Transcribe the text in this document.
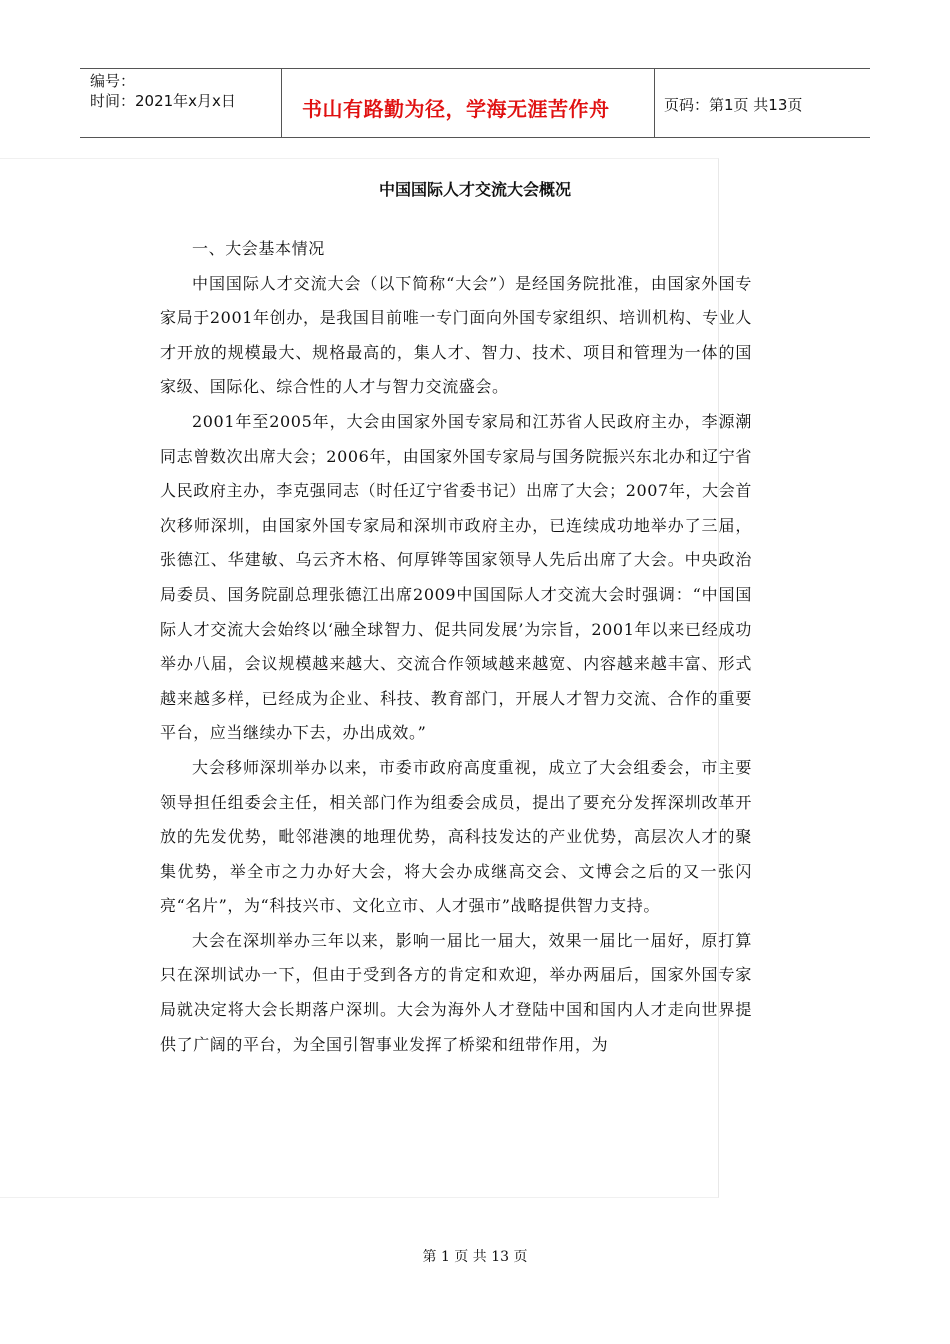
编号：
时间：2021年x月x日	书山有路勤为径，学海无涯苦作舟	页码：第1页 共13页
中国国际人才交流大会概况

一、大会基本情况

中国国际人才交流大会（以下简称“大会”）是经国务院批准，由国家外国专家局于2001年创办，是我国目前唯一专门面向外国专家组织、培训机构、专业人才开放的规模最大、规格最高的，集人才、智力、技术、项目和管理为一体的国家级、国际化、综合性的人才与智力交流盛会。

2001年至2005年，大会由国家外国专家局和江苏省人民政府主办，李源潮同志曾数次出席大会；2006年，由国家外国专家局与国务院振兴东北办和辽宁省人民政府主办，李克强同志（时任辽宁省委书记）出席了大会；2007年，大会首次移师深圳，由国家外国专家局和深圳市政府主办，已连续成功地举办了三届，张德江、华建敏、乌云齐木格、何厚铧等国家领导人先后出席了大会。中央政治局委员、国务院副总理张德江出席2009中国国际人才交流大会时强调：“中国国际人才交流大会始终以‘融全球智力、促共同发展’为宗旨，2001年以来已经成功举办八届，会议规模越来越大、交流合作领域越来越宽、内容越来越丰富、形式越来越多样，已经成为企业、科技、教育部门，开展人才智力交流、合作的重要平台，应当继续办下去，办出成效。”

大会移师深圳举办以来，市委市政府高度重视，成立了大会组委会，市主要领导担任组委会主任，相关部门作为组委会成员，提出了要充分发挥深圳改革开放的先发优势，毗邻港澳的地理优势，高科技发达的产业优势，高层次人才的聚集优势，举全市之力办好大会，将大会办成继高交会、文博会之后的又一张闪亮“名片”，为“科技兴市、文化立市、人才强市”战略提供智力支持。

大会在深圳举办三年以来，影响一届比一届大，效果一届比一届好，原打算只在深圳试办一下，但由于受到各方的肯定和欢迎，举办两届后，国家外国专家局就决定将大会长期落户深圳。大会为海外人才登陆中国和国内人才走向世界提供了广阔的平台，为全国引智事业发挥了桥梁和纽带作用，为

第 1 页 共 13 页
